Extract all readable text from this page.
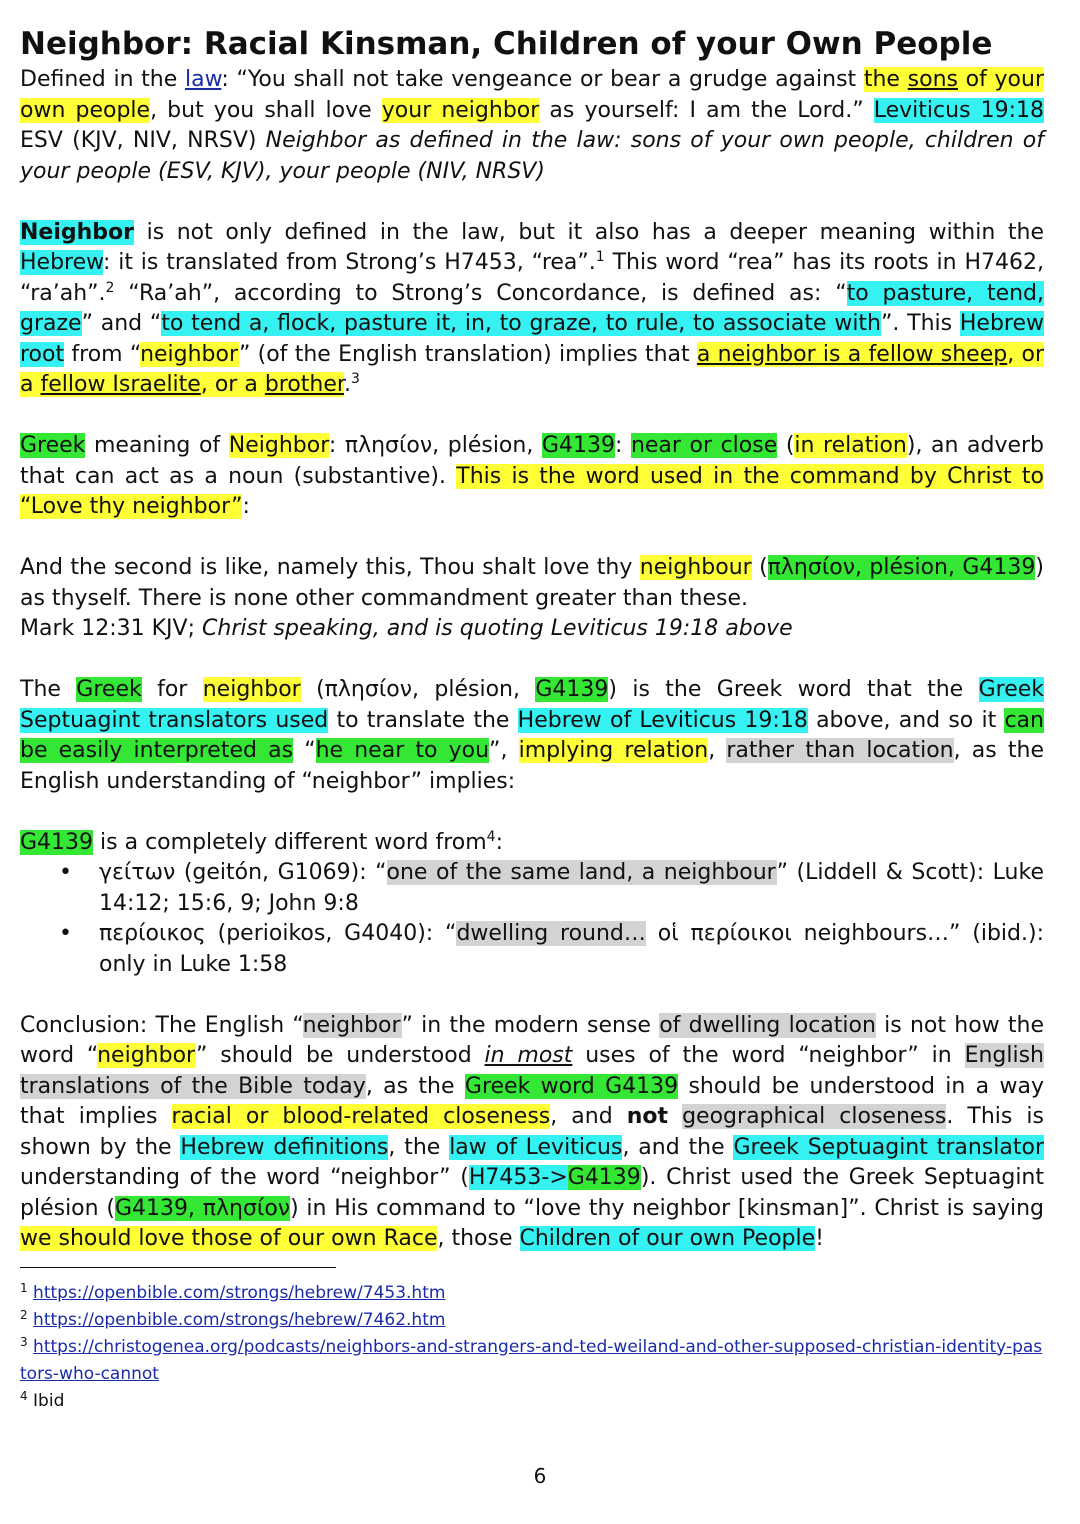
Neighbor: Racial Kinsman, Children of your Own People

Defined in the law: “You shall not take vengeance or bear a grudge against the sons of your own people, but you shall love your neighbor as yourself: I am the Lord.” Leviticus 19:18 ESV (KJV, NIV, NRSV) Neighbor as defined in the law: sons of your own people, children of your people (ESV, KJV), your people (NIV, NRSV)

Neighbor is not only defined in the law, but it also has a deeper meaning within the Hebrew: it is translated from Strong’s H7453, “rea”.$^1$ This word “rea” has its roots in H7462, “ra’ah”.$^2$ “Ra’ah”, according to Strong’s Concordance, is defined as: “to pasture, tend, graze” and “to tend a, flock, pasture it, in, to graze, to rule, to associate with”. This Hebrew root from “neighbor” (of the English translation) implies that a neighbor is a fellow sheep, or a fellow Israelite, or a brother.$^3$

Greek meaning of Neighbor: πλησίον, plésion, G4139: near or close (in relation), an adverb that can act as a noun (substantive). This is the word used in the command by Christ to “Love thy neighbor”:

And the second is like, namely this, Thou shalt love thy neighbour (πλησίον, plésion, G4139) as thyself. There is none other commandment greater than these.

Mark 12:31 KJV; Christ speaking, and is quoting Leviticus 19:18 above

The Greek for neighbor (πλησίον, plésion, G4139) is the Greek word that the Greek Septuagint translators used to translate the Hebrew of Leviticus 19:18 above, and so it can be easily interpreted as “he near to you”, implying relation, rather than location, as the English understanding of “neighbor” implies:

G4139 is a completely different word from$^4$:

• γείτων (geitón, G1069): “one of the same land, a neighbour” (Liddell & Scott): Luke 14:12; 15:6, 9; John 9:8
• περίοικος (perioikos, G4040): “dwelling round… οἱ περίοικοι neighbours…” (ibid.): only in Luke 1:58

Conclusion: The English “neighbor” in the modern sense of dwelling location is not how the word “neighbor” should be understood in most uses of the word “neighbor” in English translations of the Bible today, as the Greek word G4139 should be understood in a way that implies racial or blood-related closeness, and not geographical closeness. This is shown by the Hebrew definitions, the law of Leviticus, and the Greek Septuagint translator understanding of the word “neighbor” (H7453->G4139). Christ used the Greek Septuagint plésion (G4139, πλησίον) in His command to “love thy neighbor [kinsman]”. Christ is saying we should love those of our own Race, those Children of our own People!

$^1$ https://openbible.com/strongs/hebrew/7453.htm
$^2$ https://openbible.com/strongs/hebrew/7462.htm
$^3$ https://christogenea.org/podcasts/neighbors-and-strangers-and-ted-weiland-and-other-supposed-christian-identity-pastors-who-cannot
$^4$ Ibid
6
